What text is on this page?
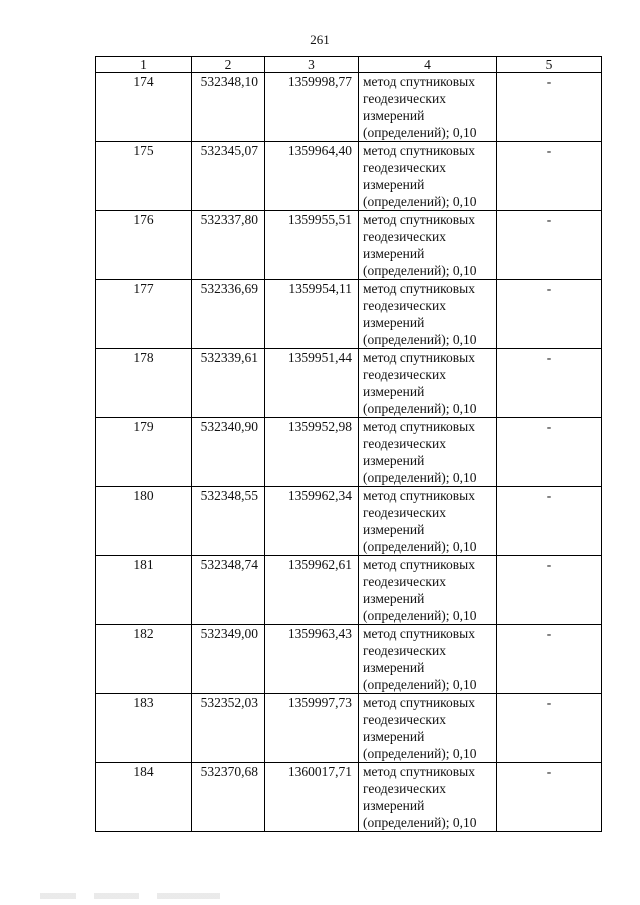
261
1	2	3	4	5
174	532348,10	1359998,77	метод спутниковых
геодезических
измерений
(определений); 0,10	-
175	532345,07	1359964,40	метод спутниковых
геодезических
измерений
(определений); 0,10	-
176	532337,80	1359955,51	метод спутниковых
геодезических
измерений
(определений); 0,10	-
177	532336,69	1359954,11	метод спутниковых
геодезических
измерений
(определений); 0,10	-
178	532339,61	1359951,44	метод спутниковых
геодезических
измерений
(определений); 0,10	-
179	532340,90	1359952,98	метод спутниковых
геодезических
измерений
(определений); 0,10	-
180	532348,55	1359962,34	метод спутниковых
геодезических
измерений
(определений); 0,10	-
181	532348,74	1359962,61	метод спутниковых
геодезических
измерений
(определений); 0,10	-
182	532349,00	1359963,43	метод спутниковых
геодезических
измерений
(определений); 0,10	-
183	532352,03	1359997,73	метод спутниковых
геодезических
измерений
(определений); 0,10	-
184	532370,68	1360017,71	метод спутниковых
геодезических
измерений
(определений); 0,10	-
